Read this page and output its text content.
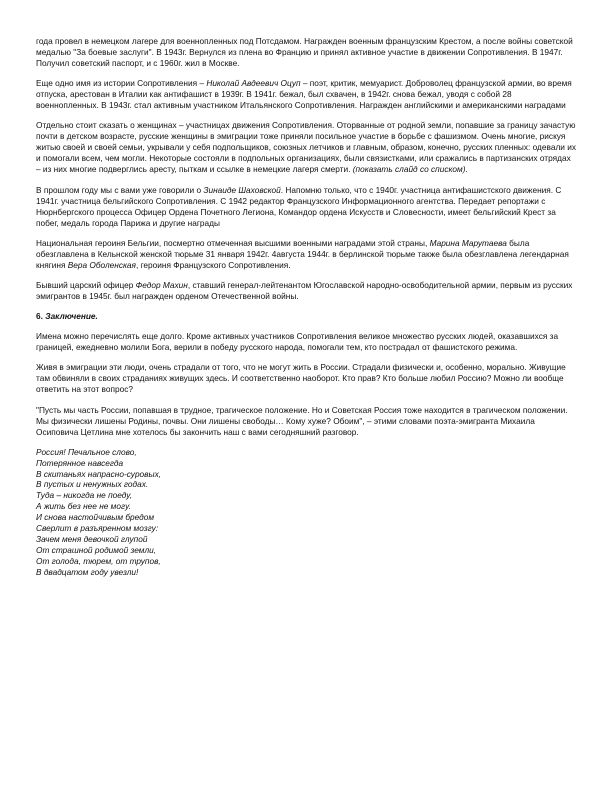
года провел в немецком лагере для военнопленных под Потсдамом. Награжден военным французским Крестом, а после войны советской медалью "За боевые заслуги". В 1943г. Вернулся из плена во Францию и принял активное участие в движении Сопротивления. В 1947г. Получил советский паспорт, и с 1960г. жил в Москве.

Еще одно имя из истории Сопротивления – Николай Авдеевич Оцуп – поэт, критик, мемуарист. Доброволец французской армии, во время отпуска, арестован в Италии как антифашист в 1939г. В 1941г. бежал, был схвачен, в 1942г. снова бежал, уводя с собой 28 военнопленных. В 1943г. стал активным участником Итальянского Сопротивления. Награжден английскими и американскими наградами

Отдельно стоит сказать о женщинах – участницах движения Сопротивления. Оторванные от родной земли, попавшие за границу зачастую почти в детском возрасте, русские женщины в эмиграции тоже приняли посильное участие в борьбе с фашизмом. Очень многие, рискуя житью своей и своей семьи, укрывали у себя подпольщиков, союзных летчиков и главным, образом, конечно, русских пленных: одевали их и помогали всем, чем могли. Некоторые состояли в подпольных организациях, были связистками, или сражались в партизанских отрядах – из них многие подверглись аресту, пыткам и ссылке в немецкие лагеря смерти. (показать слайд со списком).

В прошлом году мы с вами уже говорили о Зинаиде Шаховской. Напомню только, что с 1940г. участница антифашистского движения. С 1941г. участница бельгийского Сопротивления. С 1942 редактор Французского Информационного агентства. Передает репортажи с Нюрнбергского процесса Офицер Ордена Почетного Легиона, Командор ордена Искусств и Словесности, имеет бельгийский Крест за побег, медаль города Парижа и другие награды

Национальная героиня Бельгии, посмертно отмеченная высшими военными наградами этой страны, Марина Марутаева была обезглавлена в Кельнской женской тюрьме 31 января 1942г. 4августа 1944г. в берлинской тюрьме также была обезглавлена легендарная княгиня Вера Оболенская, героиня Французского Сопротивления.

Бывший царский офицер Федор Махин, ставший генерал-лейтенантом Югославской народно-освободительной армии, первым из русских эмигрантов в 1945г. был награжден орденом Отечественной войны.

6. Заключение.

Имена можно перечислять еще долго. Кроме активных участников Сопротивления великое множество русских людей, оказавшихся за границей, ежедневно молили Бога, верили в победу русского народа, помогали тем, кто пострадал от фашистского режима.

Живя в эмиграции эти люди, очень страдали от того, что не могут жить в России. Страдали физически и, особенно, морально. Живущие там обвиняли в своих страданиях живущих здесь. И соответственно наоборот. Кто прав? Кто больше любил Россию? Можно ли вообще ответить на этот вопрос?

"Пусть мы часть России, попавшая в трудное, трагическое положение. Но и Советская Россия тоже находится в трагическом положении. Мы физически лишены Родины, почвы. Они лишены свободы… Кому хуже? Обоим", – этими словами поэта-эмигранта Михаила Осиповича Цетлина мне хотелось бы закончить наш с вами сегодняшний разговор.

Россия! Печальное слово,
Потерянное навсегда
В скитаньях напрасно-суровых,
В пустых и ненужных годах.
Туда – никогда не поеду,
А жить без нее не могу.
И снова настойчивым бредом
Сверлит в разъяренном мозгу:
Зачем меня девочкой глупой
От страшной родимой земли,
От голода, тюрем, от трупов,
В двадцатом году увезли!
